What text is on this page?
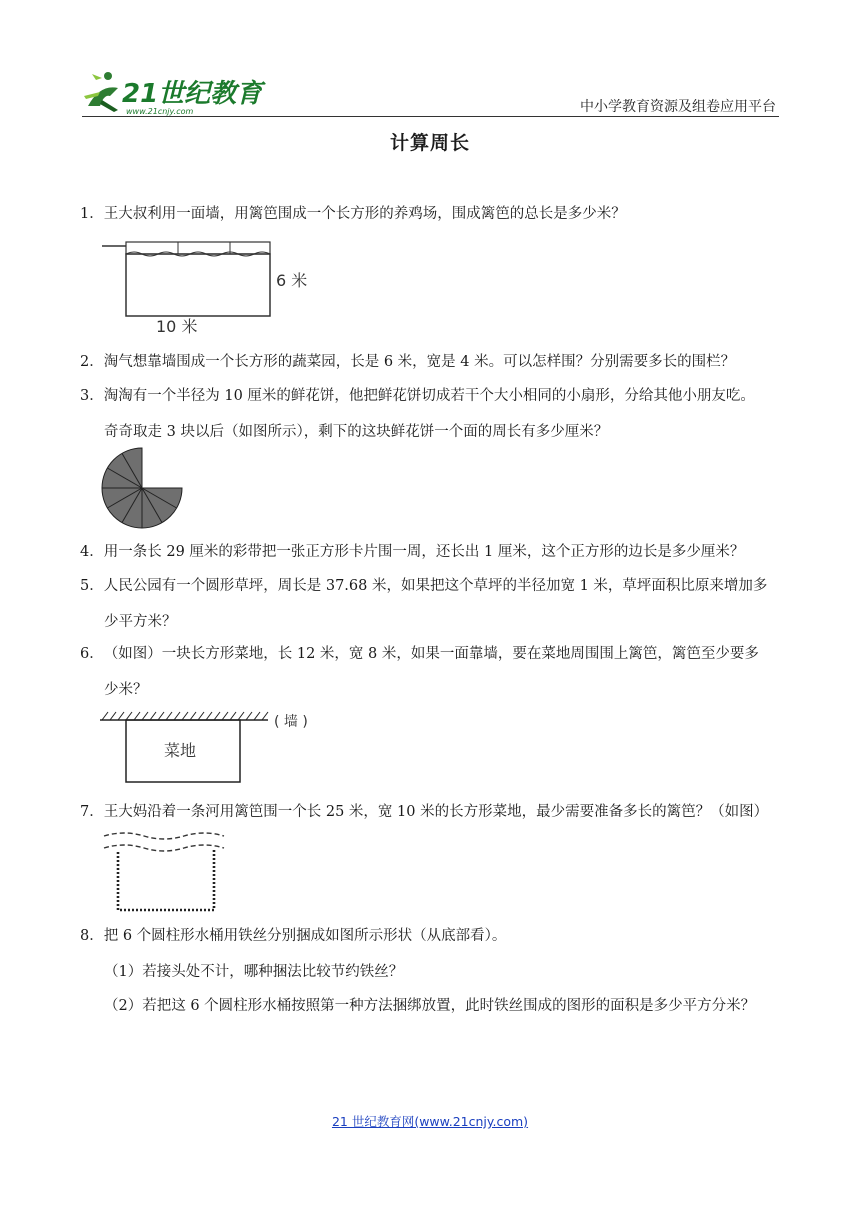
21世纪教育
www.21cnjy.com	中小学教育资源及组卷应用平台
计算周长
1．王大叔利用一面墙，用篱笆围成一个长方形的养鸡场，围成篱笆的总长是多少米？
10 米
6 米
2．淘气想靠墙围成一个长方形的蔬菜园，长是 6 米，宽是 4 米。可以怎样围？分别需要多长的围栏？
3．淘淘有一个半径为 10 厘米的鲜花饼，他把鲜花饼切成若干个大小相同的小扇形，分给其他小朋友吃。
奇奇取走 3 块以后（如图所示），剩下的这块鲜花饼一个面的周长有多少厘米？
4．用一条长 29 厘米的彩带把一张正方形卡片围一周，还长出 1 厘米，这个正方形的边长是多少厘米？
5．人民公园有一个圆形草坪，周长是 37.68 米，如果把这个草坪的半径加宽 1 米，草坪面积比原来增加多
少平方米？
6．（如图）一块长方形菜地，长 12 米，宽 8 米，如果一面靠墙，要在菜地周围围上篱笆，篱笆至少要多
少米？
菜地
( 墙 )
7．王大妈沿着一条河用篱笆围一个长 25 米，宽 10 米的长方形菜地，最少需要准备多长的篱笆？（如图）
8．把 6 个圆柱形水桶用铁丝分别捆成如图所示形状（从底部看）。
（1）若接头处不计，哪种捆法比较节约铁丝？
（2）若把这 6 个圆柱形水桶按照第一种方法捆绑放置，此时铁丝围成的图形的面积是多少平方分米？
21 世纪教育网(www.21cnjy.com)
